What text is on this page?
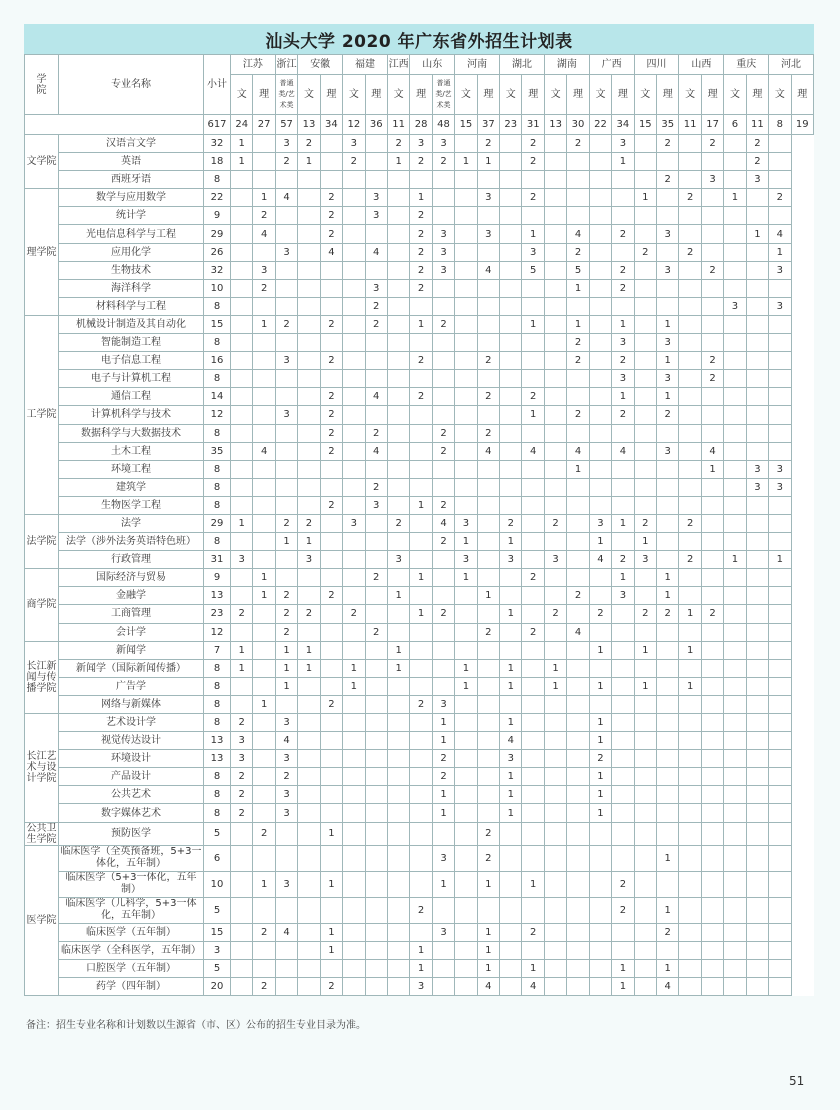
汕头大学 2020 年广东省外招生计划表
学院	专业名称	小计	江苏		浙江	安徽		福建		江西	山东		河南		湖北		湖南		广西		四川		山西		重庆		河北	
			文	理	普通类/艺术类	文	理	文	理	文	理	普通类/艺术类	文	理	文	理	文	理	文	理	文	理	文	理	文	理	文	理
		617	24	27	57	13	34	12	36	11	28	48	15	37	23	31	13	30	22	34	15	35	11	17	6	11	8	19
文学院	汉语言文学	32	1		3	2		3		2	3	3		2		2		2		3		2		2		2		
	英语	18	1		2	1		2		1	2	2	1	1		2				1						2		
	西班牙语	8																				2		3		3		
理学院	数学与应用数学	22		1	4		2		3		1			3		2					1		2		1		2	
	统计学	9		2			2		3		2																	
	光电信息科学与工程	29		4			2				2	3		3		1		4		2		3				1	4	
	应用化学	26			3		4		4		2	3				3		2			2		2				1	
	生物技术	32		3							2	3		4		5		5		2		3		2			3	
	海洋科学	10		2					3		2							1		2								
	材料科学与工程	8							2																3		3	
工学院	机械设计制造及其自动化	15		1	2		2		2		1	2				1		1		1		1						
	智能制造工程	8																2		3		3						
	电子信息工程	16			3		2				2			2				2		2		1		2				
	电子与计算机工程	8																		3		3		2				
	通信工程	14					2		4		2			2		2				1		1						
	计算机科学与技术	12			3		2									1		2		2		2						
	数据科学与大数据技术	8					2		2			2		2														
	土木工程	35		4			2		4			2		4		4		4		4		3		4				
	环境工程	8																1						1		3	3	
	建筑学	8							2																	3	3	
	生物医学工程	8					2		3		1	2																
法学院	法学	29	1		2	2		3		2		4	3		2		2		3	1	2		2					
	法学（涉外法务英语特色班）	8			1	1						2	1		1				1		1							
	行政管理	31	3			3				3			3		3		3		4	2	3		2		1		1	
商学院	国际经济与贸易	9		1					2		1		1			2				1		1						
	金融学	13		1	2		2			1				1				2		3		1						
	工商管理	23	2		2	2		2			1	2			1		2		2		2	2	1	2				
	会计学	12			2				2					2		2		4										
长江新闻与传播学院	新闻学	7	1		1	1				1									1		1		1					
	新闻学（国际新闻传播）	8	1		1	1		1		1			1		1		1											
	广告学	8			1			1					1		1		1		1		1		1					
	网络与新媒体	8		1			2				2	3																
长江艺术与设计学院	艺术设计学	8	2		3							1			1				1									
	视觉传达设计	13	3		4							1			4				1									
	环境设计	13	3		3							2			3				2									
	产品设计	8	2		2							2			1				1									
	公共艺术	8	2		3							1			1				1									
	数字媒体艺术	8	2		3							1			1				1									
公共卫生学院	预防医学	5		2			1							2														
医学院	临床医学（全英预备班，5+3一体化，五年制）	6										3		2								1						
	临床医学（5+3一体化，五年制）	10		1	3		1					1		1		1				2								
	临床医学（儿科学，5+3一体化，五年制）	5									2									2		1						
	临床医学（五年制）	15		2	4		1					3		1		2						2						
	临床医学（全科医学，五年制）	3					1				1			1														
	口腔医学（五年制）	5									1			1		1				1		1						
	药学（四年制）	20		2			2				3			4		4				1		4						
备注：招生专业名称和计划数以生源省（市、区）公布的招生专业目录为准。
51
